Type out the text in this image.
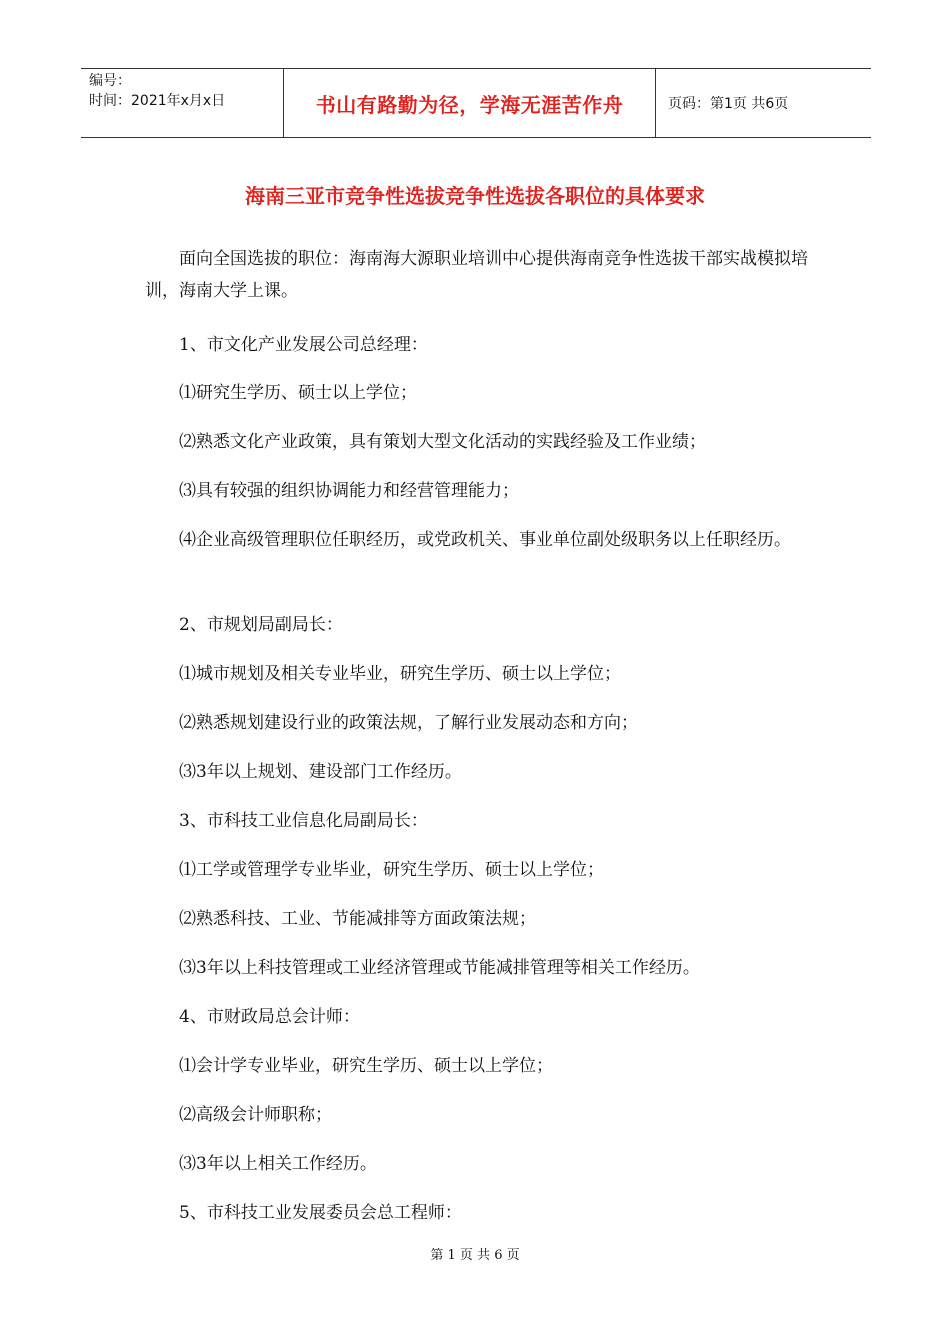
编号：
时间：2021年x月x日	书山有路勤为径，学海无涯苦作舟	页码：第1页 共6页
海南三亚市竞争性选拔竞争性选拔各职位的具体要求
面向全国选拔的职位：海南海大源职业培训中心提供海南竞争性选拔干部实战模拟培训，海南大学上课。
1、市文化产业发展公司总经理：
⑴研究生学历、硕士以上学位；
⑵熟悉文化产业政策，具有策划大型文化活动的实践经验及工作业绩；
⑶具有较强的组织协调能力和经营管理能力；
⑷企业高级管理职位任职经历，或党政机关、事业单位副处级职务以上任职经历。
2、市规划局副局长：
⑴城市规划及相关专业毕业，研究生学历、硕士以上学位；
⑵熟悉规划建设行业的政策法规，了解行业发展动态和方向；
⑶3年以上规划、建设部门工作经历。
3、市科技工业信息化局副局长：
⑴工学或管理学专业毕业，研究生学历、硕士以上学位；
⑵熟悉科技、工业、节能减排等方面政策法规；
⑶3年以上科技管理或工业经济管理或节能减排管理等相关工作经历。
4、市财政局总会计师：
⑴会计学专业毕业，研究生学历、硕士以上学位；
⑵高级会计师职称；
⑶3年以上相关工作经历。
5、市科技工业发展委员会总工程师：
第 1 页 共 6 页
